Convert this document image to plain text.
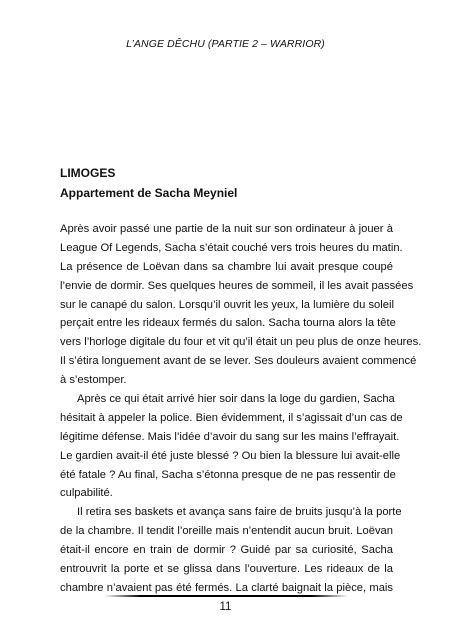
L’ANGE DÊCHU (PARTIE 2 – WARRIOR)
LIMOGES
Appartement de Sacha Meyniel
Après avoir passé une partie de la nuit sur son ordinateur à jouer à
League Of Legends, Sacha s’était couché vers trois heures du matin.
La présence de Loëvan dans sa chambre lui avait presque coupé
l’envie de dormir. Ses quelques heures de sommeil, il les avait passées
sur le canapé du salon. Lorsqu’il ouvrit les yeux, la lumière du soleil
perçait entre les rideaux fermés du salon. Sacha tourna alors la tête
vers l’horloge digitale du four et vit qu’il était un peu plus de onze heures.
Il s’étira longuement avant de se lever. Ses douleurs avaient commencé
à s’estomper.
Après ce qui était arrivé hier soir dans la loge du gardien, Sacha
hésitait à appeler la police. Bien évidemment, il s’agissait d’un cas de
légitime défense. Mais l’idée d’avoir du sang sur les mains l’effrayait.
Le gardien avait-il été juste blessé ? Ou bien la blessure lui avait-elle
été fatale ? Au final, Sacha s’étonna presque de ne pas ressentir de
culpabilité.
Il retira ses baskets et avança sans faire de bruits jusqu’à la porte
de la chambre. Il tendit l’oreille mais n’entendit aucun bruit. Loëvan
était-il encore en train de dormir ? Guidé par sa curiosité, Sacha
entrouvrit la porte et se glissa dans l’ouverture. Les rideaux de la
chambre n’avaient pas été fermés. La clarté baignait la pièce, mais
11
